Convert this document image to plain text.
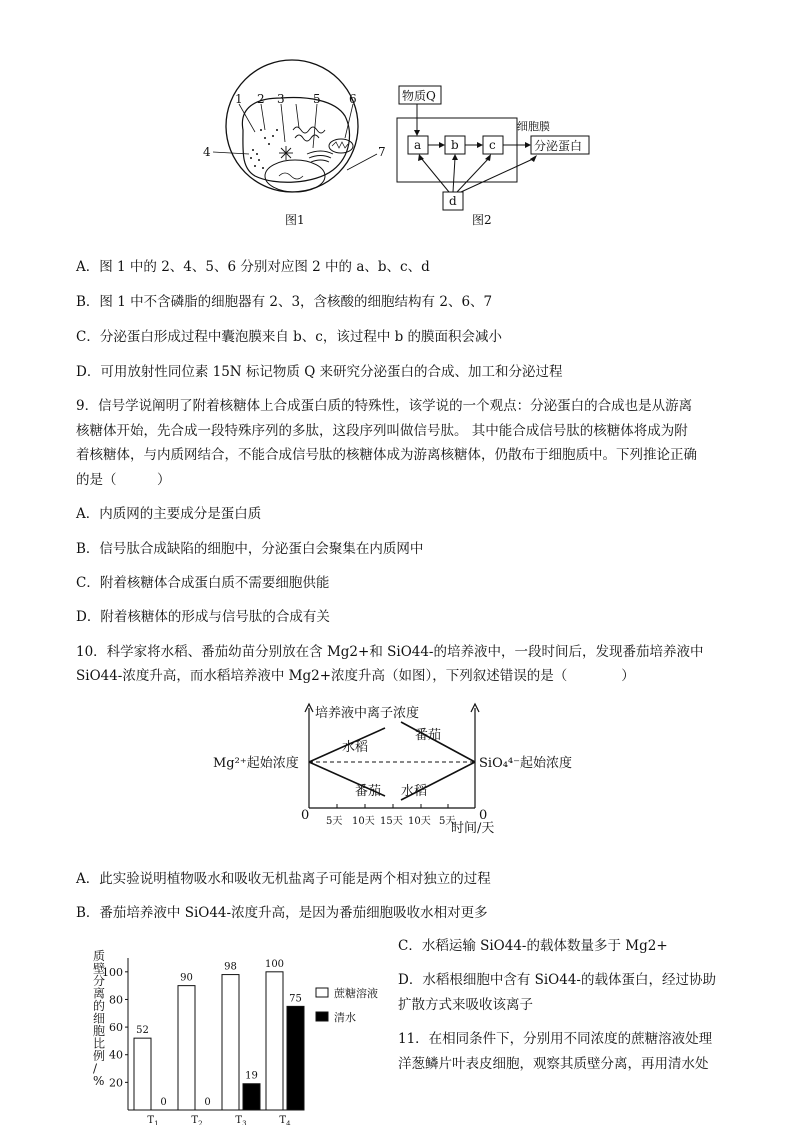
1 2 3
4
5 6
7
图1
物质Q
a b	c	分泌蛋白
细胞膜
d
图2
A．图 1 中的 2、4、5、6 分别对应图 2 中的 a、b、c、d
B．图 1 中不含磷脂的细胞器有 2、3，含核酸的细胞结构有 2、6、7
C．分泌蛋白形成过程中囊泡膜来自 b、c，该过程中 b 的膜面积会减小
D．可用放射性同位素 15N 标记物质 Q 来研究分泌蛋白的合成、加工和分泌过程
9．信号学说阐明了附着核糖体上合成蛋白质的特殊性，该学说的一个观点：分泌蛋白的合成也是从游离
核糖体开始，先合成一段特殊序列的多肽，这段序列叫做信号肽。 其中能合成信号肽的核糖体将成为附
着核糖体，与内质网结合，不能合成信号肽的核糖体成为游离核糖体，仍散布于细胞质中。下列推论正确
的是（　　　）
A．内质网的主要成分是蛋白质
B．信号肽合成缺陷的细胞中，分泌蛋白会聚集在内质网中
C．附着核糖体合成蛋白质不需要细胞供能
D．附着核糖体的形成与信号肽的合成有关
10．科学家将水稻、番茄幼苗分别放在含 Mg2+和 SiO44-的培养液中，一段时间后，发现番茄培养液中
SiO44-浓度升高，而水稻培养液中 Mg2+浓度升高（如图），下列叙述错误的是（　　　　）
培养液中离子浓度
Mg²⁺起始浓度	SiO₄⁴⁻起始浓度
水稻
番茄
番茄
水稻
0	0
5天 10天 15天 10天 5天
时间/天
A．此实验说明植物吸水和吸收无机盐离子可能是两个相对独立的过程
B．番茄培养液中 SiO44-浓度升高，是因为番茄细胞吸收水相对更多
质壁分离的细胞比例/ % 20
40
60
80
100
52
0
$T_1$
90
0
$T_2$
98
19
$T_3$
100
75
$T_4$
蔗糖溶液
清水
C．水稻运输 SiO44-的载体数量多于 Mg2+
D．水稻根细胞中含有 SiO44-的载体蛋白，经过协助
扩散方式来吸收该离子
11．在相同条件下，分别用不同浓度的蔗糖溶液处理
洋葱鳞片叶表皮细胞，观察其质壁分离，再用清水处
